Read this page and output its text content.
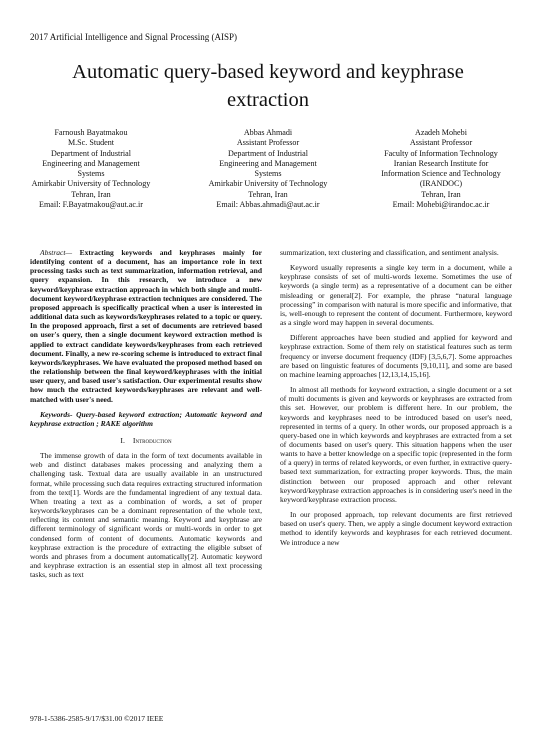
2017 Artificial Intelligence and Signal Processing (AISP)
Automatic query-based keyword and keyphrase extraction
Farnoush Bayatmakou
M.Sc. Student
Department of Industrial
Engineering and Management
Systems
Amirkabir University of Technology
Tehran, Iran
Email: F.Bayatmakou@aut.ac.ir
Abbas Ahmadi
Assistant Professor
Department of Industrial
Engineering and Management
Systems
Amirkabir University of Technology
Tehran, Iran
Email: Abbas.ahmadi@aut.ac.ir
Azadeh Mohebi
Assistant Professor
Faculty of Information Technology
Iranian Research Institute for
Information Science and Technology
(IRANDOC)
Tehran, Iran
Email: Mohebi@irandoc.ac.ir

Abstract— Extracting keywords and keyphrases mainly for identifying content of a document, has an importance role in text processing tasks such as text summarization, information retrieval, and query expansion. In this research, we introduce a new keyword/keyphrase extraction approach in which both single and multi-document keyword/keyphrase extraction techniques are considered. The proposed approach is specifically practical when a user is interested in additional data such as keywords/keyphrases related to a topic or query. In the proposed approach, first a set of documents are retrieved based on user's query, then a single document keyword extraction method is applied to extract candidate keywords/keyphrases from each retrieved document. Finally, a new re-scoring scheme is introduced to extract final keywords/keyphrases. We have evaluated the proposed method based on the relationship between the final keyword/keyphrases with the initial user query, and based user's satisfaction. Our experimental results show how much the extracted keywords/keyphrases are relevant and well-matched with user's need.

Keywords- Query-based keyword extraction; Automatic keyword and keyphrase extraction ; RAKE algorithm

I. Introduction

The immense growth of data in the form of text documents available in web and distinct databases makes processing and analyzing them a challenging task. Textual data are usually available in an unstructured format, while processing such data requires extracting structured information from the text[1]. Words are the fundamental ingredient of any textual data. When treating a text as a combination of words, a set of proper keywords/keyphrases can be a dominant representation of the whole text, reflecting its content and semantic meaning. Keyword and keyphrase are different terminology of significant words or multi-words in order to get condensed form of content of documents. Automatic keywords and keyphrase extraction is the procedure of extracting the eligible subset of words and phrases from a document automatically[2]. Automatic keyword and keyphrase extraction is an essential step in almost all text processing tasks, such as text

summarization, text clustering and classification, and sentiment analysis.

Keyword usually represents a single key term in a document, while a keyphrase consists of set of multi-words lexeme. Sometimes the use of keywords (a single term) as a representative of a document can be either misleading or general[2]. For example, the phrase “natural language processing” in comparison with natural is more specific and informative, that is, well-enough to represent the content of document. Furthermore, keyword as a single word may happen in several documents.

Different approaches have been studied and applied for keyword and keyphrase extraction. Some of them rely on statistical features such as term frequency or inverse document frequency (IDF) [3,5,6,7]. Some approaches are based on linguistic features of documents [9,10,11], and some are based on machine learning approaches [12,13,14,15,16].

In almost all methods for keyword extraction, a single document or a set of multi documents is given and keywords or keyphrases are extracted from this set. However, our problem is different here. In our problem, the keywords and keyphrases need to be introduced based on user's need, represented in terms of a query. In other words, our proposed approach is a query-based one in which keywords and keyphrases are extracted from a set of documents based on user's query. This situation happens when the user wants to have a better knowledge on a specific topic (represented in the form of a query) in terms of related keywords, or even further, in extractive query-based text summarization, for extracting proper keywords. Thus, the main distinction between our proposed approach and other relevant keyword/keyphrase extraction approaches is in considering user's need in the keyword/keyphrase extraction process.

In our proposed approach, top relevant documents are first retrieved based on user's query. Then, we apply a single document keyword extraction method to identify keywords and keyphrases for each retrieved document. We introduce a new

978-1-5386-2585-9/17/$31.00 ©2017 IEEE
